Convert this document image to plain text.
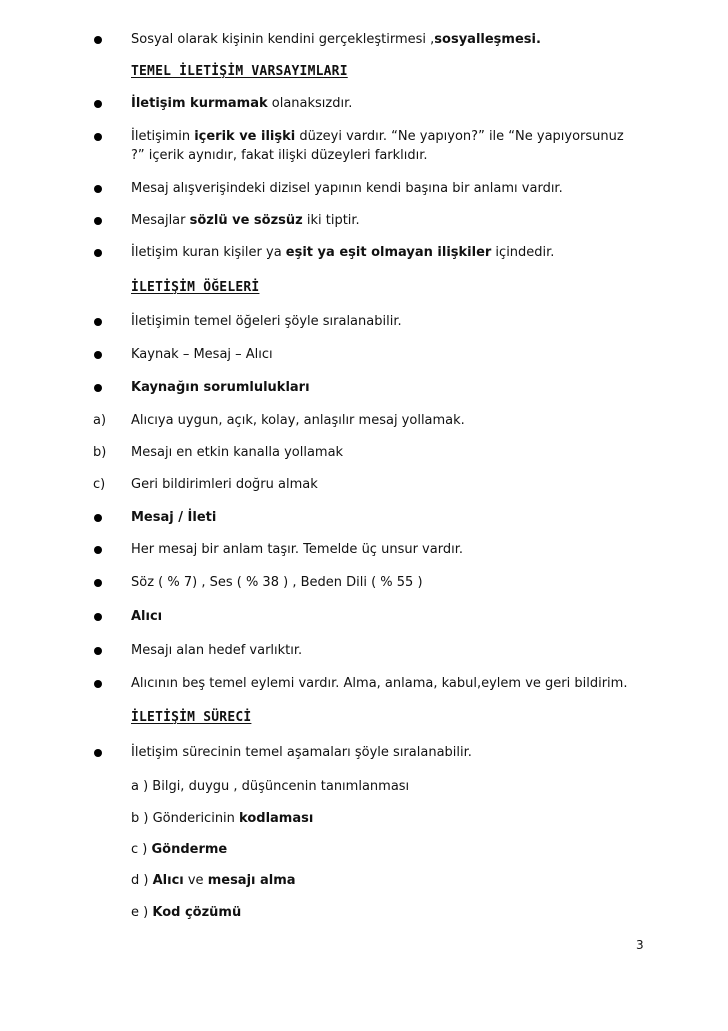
Sosyal olarak kişinin kendini gerçekleştirmesi ,sosyalleşmesi.
TEMEL İLETİŞİM VARSAYIMLARI
İletişim kurmamak olanaksızdır.
İletişimin içerik ve ilişki düzeyi vardır. “Ne yapıyon?” ile “Ne yapıyorsunuz
?” içerik aynıdır, fakat ilişki düzeyleri farklıdır.
Mesaj alışverişindeki dizisel yapının kendi başına bir anlamı vardır.
Mesajlar sözlü ve sözsüz iki tiptir.
İletişim kuran kişiler ya eşit ya eşit olmayan ilişkiler içindedir.
İLETİŞİM ÖĞELERİ
İletişimin temel öğeleri şöyle sıralanabilir.
Kaynak – Mesaj – Alıcı
Kaynağın sorumlulukları
a) Alıcıya uygun, açık, kolay, anlaşılır mesaj yollamak.
b) Mesajı en etkin kanalla yollamak
c) Geri bildirimleri doğru almak
Mesaj / İleti
Her mesaj bir anlam taşır. Temelde üç unsur vardır.
Söz ( % 7) , Ses ( % 38 ) , Beden Dili ( % 55 )
Alıcı
Mesajı alan hedef varlıktır.
Alıcının beş temel eylemi vardır. Alma, anlama, kabul,eylem ve geri bildirim.
İLETİŞİM SÜRECİ
İletişim sürecinin temel aşamaları şöyle sıralanabilir.
a ) Bilgi, duygu , düşüncenin tanımlanması
b ) Göndericinin kodlaması
c ) Gönderme
d ) Alıcı ve mesajı alma
e ) Kod çözümü
3
